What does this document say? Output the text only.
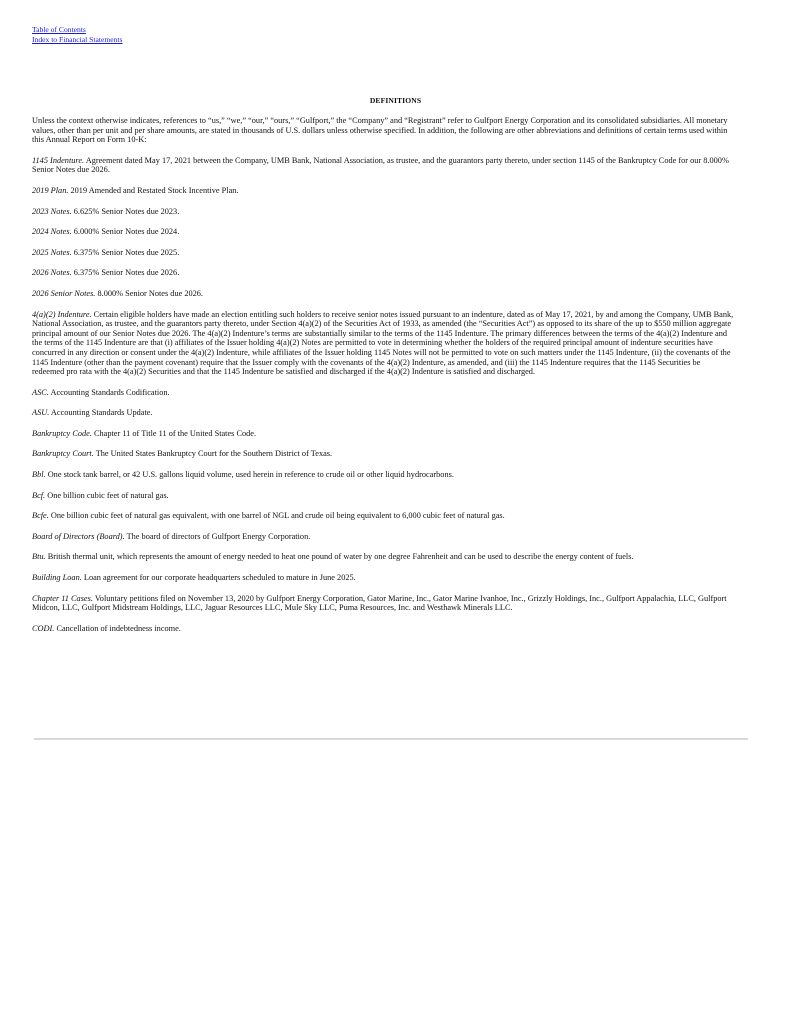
Table of Contents
Index to Financial Statements
DEFINITIONS

Unless the context otherwise indicates, references to “us,” “we,” “our,” “ours,” “Gulfport,” the “Company” and “Registrant” refer to Gulfport Energy Corporation and its consolidated subsidiaries. All monetary values, other than per unit and per share amounts, are stated in thousands of U.S. dollars unless otherwise specified. In addition, the following are other abbreviations and definitions of certain terms used within this Annual Report on Form 10-K:

1145 Indenture. Agreement dated May 17, 2021 between the Company, UMB Bank, National Association, as trustee, and the guarantors party thereto, under section 1145 of the Bankruptcy Code for our 8.000% Senior Notes due 2026.

2019 Plan. 2019 Amended and Restated Stock Incentive Plan.

2023 Notes. 6.625% Senior Notes due 2023.

2024 Notes. 6.000% Senior Notes due 2024.

2025 Notes. 6.375% Senior Notes due 2025.

2026 Notes. 6.375% Senior Notes due 2026.

2026 Senior Notes. 8.000% Senior Notes due 2026.

4(a)(2) Indenture. Certain eligible holders have made an election entitling such holders to receive senior notes issued pursuant to an indenture, dated as of May 17, 2021, by and among the Company, UMB Bank, National Association, as trustee, and the guarantors party thereto, under Section 4(a)(2) of the Securities Act of 1933, as amended (the “Securities Act”) as opposed to its share of the up to $550 million aggregate principal amount of our Senior Notes due 2026. The 4(a)(2) Indenture’s terms are substantially similar to the terms of the 1145 Indenture. The primary differences between the terms of the 4(a)(2) Indenture and the terms of the 1145 Indenture are that (i) affiliates of the Issuer holding 4(a)(2) Notes are permitted to vote in determining whether the holders of the required principal amount of indenture securities have concurred in any direction or consent under the 4(a)(2) Indenture, while affiliates of the Issuer holding 1145 Notes will not be permitted to vote on such matters under the 1145 Indenture, (ii) the covenants of the 1145 Indenture (other than the payment covenant) require that the Issuer comply with the covenants of the 4(a)(2) Indenture, as amended, and (iii) the 1145 Indenture requires that the 1145 Securities be redeemed pro rata with the 4(a)(2) Securities and that the 1145 Indenture be satisfied and discharged if the 4(a)(2) Indenture is satisfied and discharged.

ASC. Accounting Standards Codification.

ASU. Accounting Standards Update.

Bankruptcy Code. Chapter 11 of Title 11 of the United States Code.

Bankruptcy Court. The United States Bankruptcy Court for the Southern District of Texas.

Bbl. One stock tank barrel, or 42 U.S. gallons liquid volume, used herein in reference to crude oil or other liquid hydrocarbons.

Bcf. One billion cubic feet of natural gas.

Bcfe. One billion cubic feet of natural gas equivalent, with one barrel of NGL and crude oil being equivalent to 6,000 cubic feet of natural gas.

Board of Directors (Board). The board of directors of Gulfport Energy Corporation.

Btu. British thermal unit, which represents the amount of energy needed to heat one pound of water by one degree Fahrenheit and can be used to describe the energy content of fuels.

Building Loan. Loan agreement for our corporate headquarters scheduled to mature in June 2025.

Chapter 11 Cases. Voluntary petitions filed on November 13, 2020 by Gulfport Energy Corporation, Gator Marine, Inc., Gator Marine Ivanhoe, Inc., Grizzly Holdings, Inc., Gulfport Appalachia, LLC, Gulfport Midcon, LLC, Gulfport Midstream Holdings, LLC, Jaguar Resources LLC, Mule Sky LLC, Puma Resources, Inc. and Westhawk Minerals LLC.

CODI. Cancellation of indebtedness income.
